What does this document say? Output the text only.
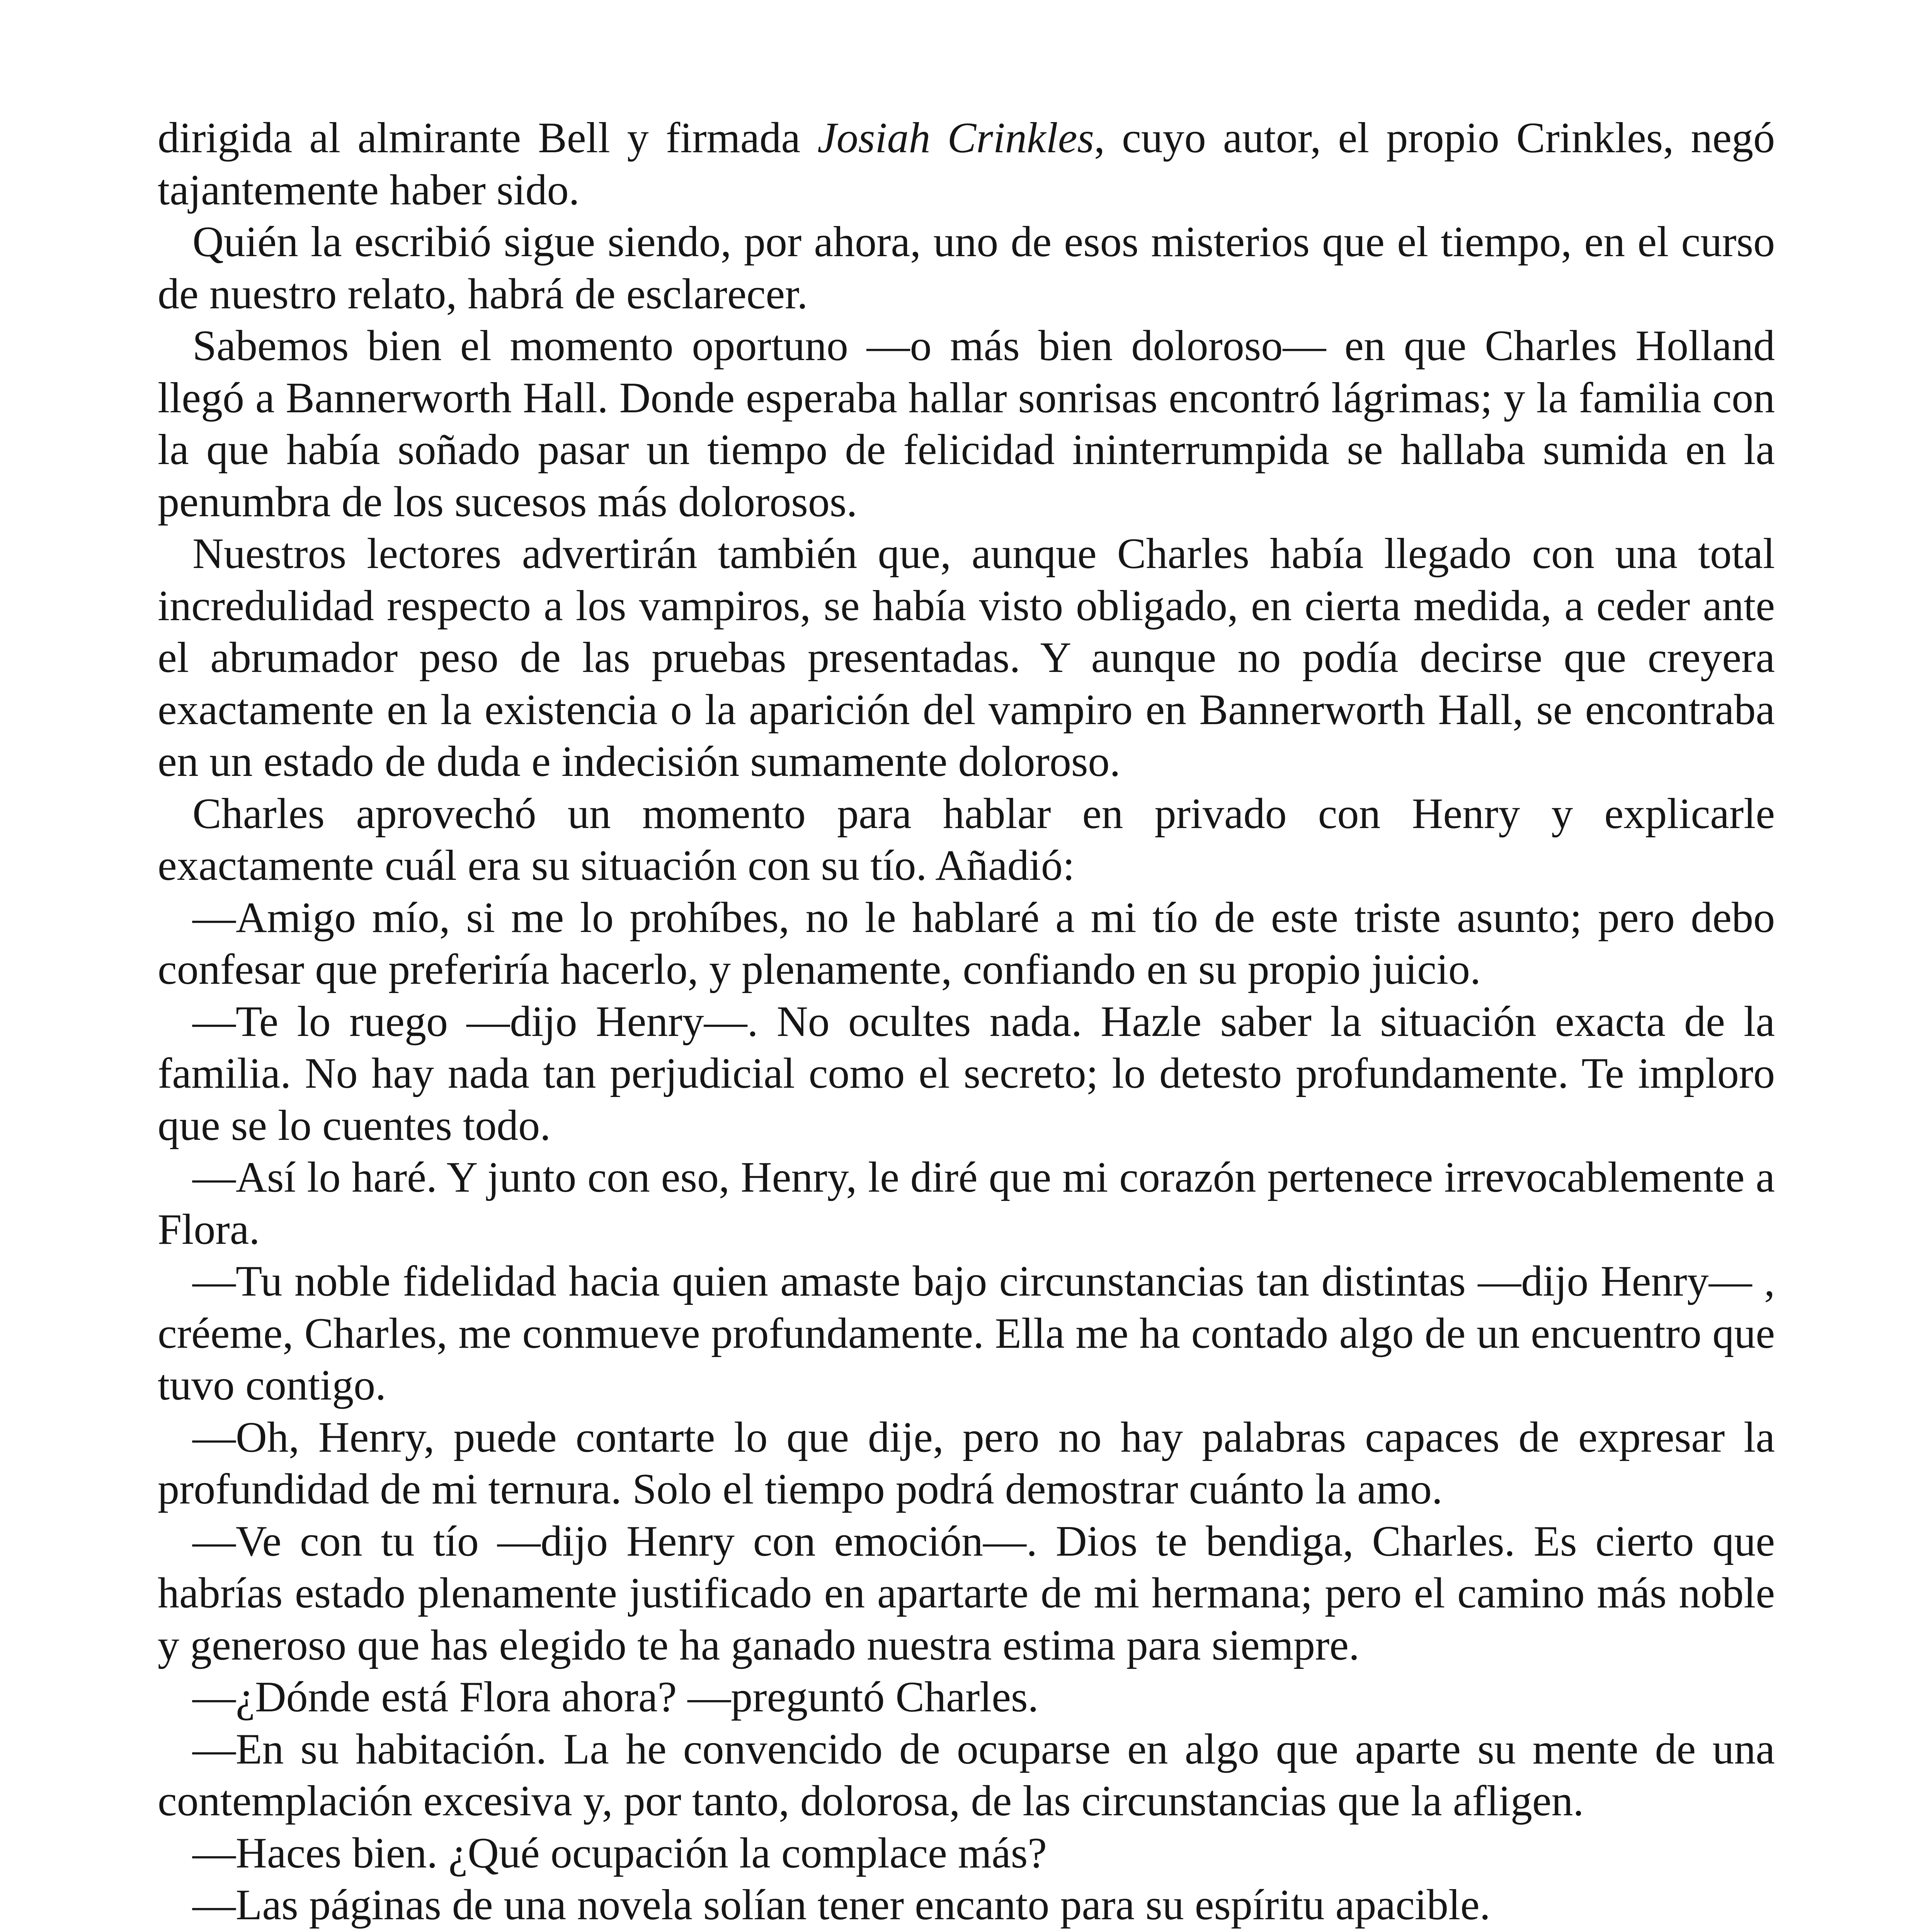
dirigida al almirante Bell y firmada Josiah Crinkles, cuyo autor, el propio Crinkles, negó tajantemente haber sido.

Quién la escribió sigue siendo, por ahora, uno de esos misterios que el tiempo, en el curso de nuestro relato, habrá de esclarecer.

Sabemos bien el momento oportuno —o más bien doloroso— en que Charles Holland llegó a Bannerworth Hall. Donde esperaba hallar sonrisas encontró lágrimas; y la familia con la que había soñado pasar un tiempo de felicidad ininterrumpida se hallaba sumida en la penumbra de los sucesos más dolorosos.

Nuestros lectores advertirán también que, aunque Charles había llegado con una total incredulidad respecto a los vampiros, se había visto obligado, en cierta medida, a ceder ante el abrumador peso de las pruebas presentadas. Y aunque no podía decirse que creyera exactamente en la existencia o la aparición del vampiro en Bannerworth Hall, se encontraba en un estado de duda e indecisión sumamente doloroso.

Charles aprovechó un momento para hablar en privado con Henry y explicarle exactamente cuál era su situación con su tío. Añadió:

—Amigo mío, si me lo prohíbes, no le hablaré a mi tío de este triste asunto; pero debo confesar que preferiría hacerlo, y plenamente, confiando en su propio juicio.

—Te lo ruego —dijo Henry—. No ocultes nada. Hazle saber la situación exacta de la familia. No hay nada tan perjudicial como el secreto; lo detesto profundamente. Te imploro que se lo cuentes todo.

—Así lo haré. Y junto con eso, Henry, le diré que mi corazón pertenece irrevocablemente a Flora.

—Tu noble fidelidad hacia quien amaste bajo circunstancias tan distintas —dijo Henry— , créeme, Charles, me conmueve profundamente. Ella me ha contado algo de un encuentro que tuvo contigo.

—Oh, Henry, puede contarte lo que dije, pero no hay palabras capaces de expresar la profundidad de mi ternura. Solo el tiempo podrá demostrar cuánto la amo.

—Ve con tu tío —dijo Henry con emoción—. Dios te bendiga, Charles. Es cierto que habrías estado plenamente justificado en apartarte de mi hermana; pero el camino más noble y generoso que has elegido te ha ganado nuestra estima para siempre.

—¿Dónde está Flora ahora? —preguntó Charles.

—En su habitación. La he convencido de ocuparse en algo que aparte su mente de una contemplación excesiva y, por tanto, dolorosa, de las circunstancias que la afligen.

—Haces bien. ¿Qué ocupación la complace más?

—Las páginas de una novela solían tener encanto para su espíritu apacible.
